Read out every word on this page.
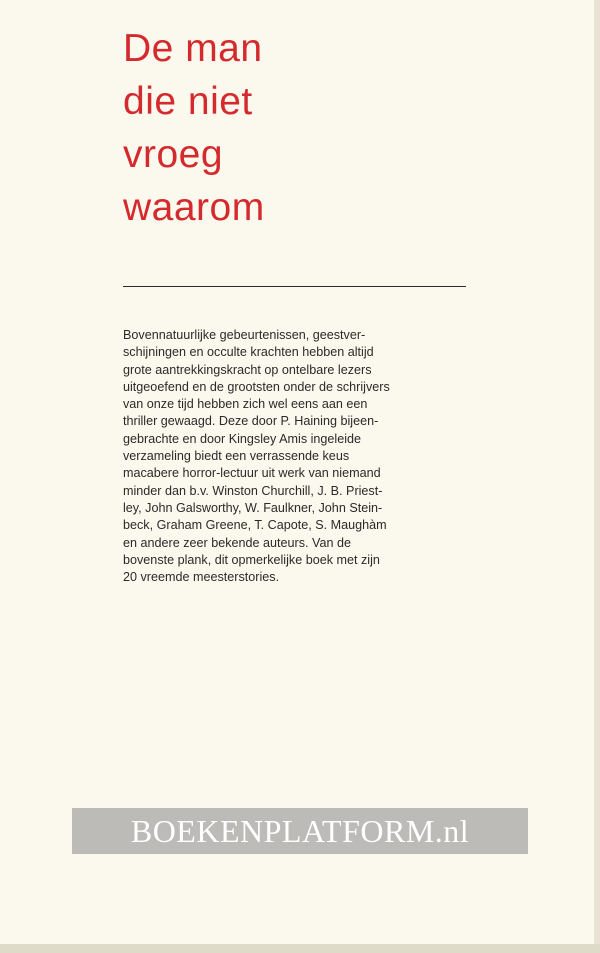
De man
die niet
vroeg
waarom

Bovennatuurlijke gebeurtenissen, geestver-
schijningen en occulte krachten hebben altijd
grote aantrekkingskracht op ontelbare lezers
uitgeoefend en de grootsten onder de schrijvers
van onze tijd hebben zich wel eens aan een
thriller gewaagd. Deze door P. Haining bijeen-
gebrachte en door Kingsley Amis ingeleide
verzameling biedt een verrassende keus
macabere horror-lectuur uit werk van niemand
minder dan b.v. Winston Churchill, J. B. Priest-
ley, John Galsworthy, W. Faulkner, John Stein-
beck, Graham Greene, T. Capote, S. Maughàm
en andere zeer bekende auteurs. Van de
bovenste plank, dit opmerkelijke boek met zijn
20 vreemde meesterstories.

BOEKENPLATFORM.nl
